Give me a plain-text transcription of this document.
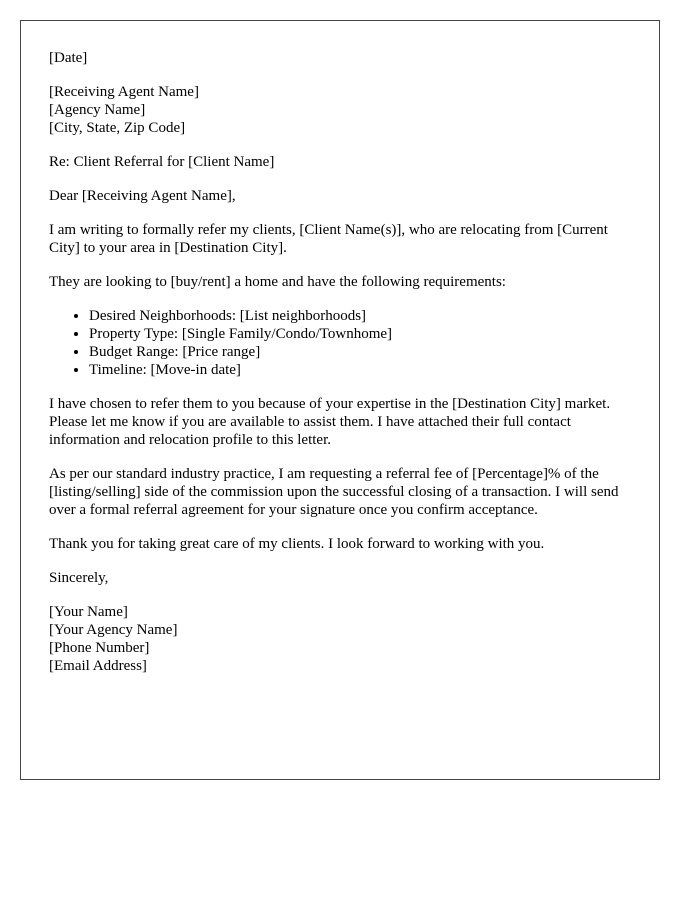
[Date]
[Receiving Agent Name]
[Agency Name]
[City, State, Zip Code]

Re: Client Referral for [Client Name]

Dear [Receiving Agent Name],

I am writing to formally refer my clients, [Client Name(s)], who are relocating from [Current City] to your area in [Destination City].

They are looking to [buy/rent] a home and have the following requirements:

• Desired Neighborhoods: [List neighborhoods]
• Property Type: [Single Family/Condo/Townhome]
• Budget Range: [Price range]
• Timeline: [Move-in date]

I have chosen to refer them to you because of your expertise in the [Destination City] market. Please let me know if you are available to assist them. I have attached their full contact information and relocation profile to this letter.

As per our standard industry practice, I am requesting a referral fee of [Percentage]% of the [listing/selling] side of the commission upon the successful closing of a transaction. I will send over a formal referral agreement for your signature once you confirm acceptance.

Thank you for taking great care of my clients. I look forward to working with you.

Sincerely,

[Your Name]
[Your Agency Name]
[Phone Number]
[Email Address]
